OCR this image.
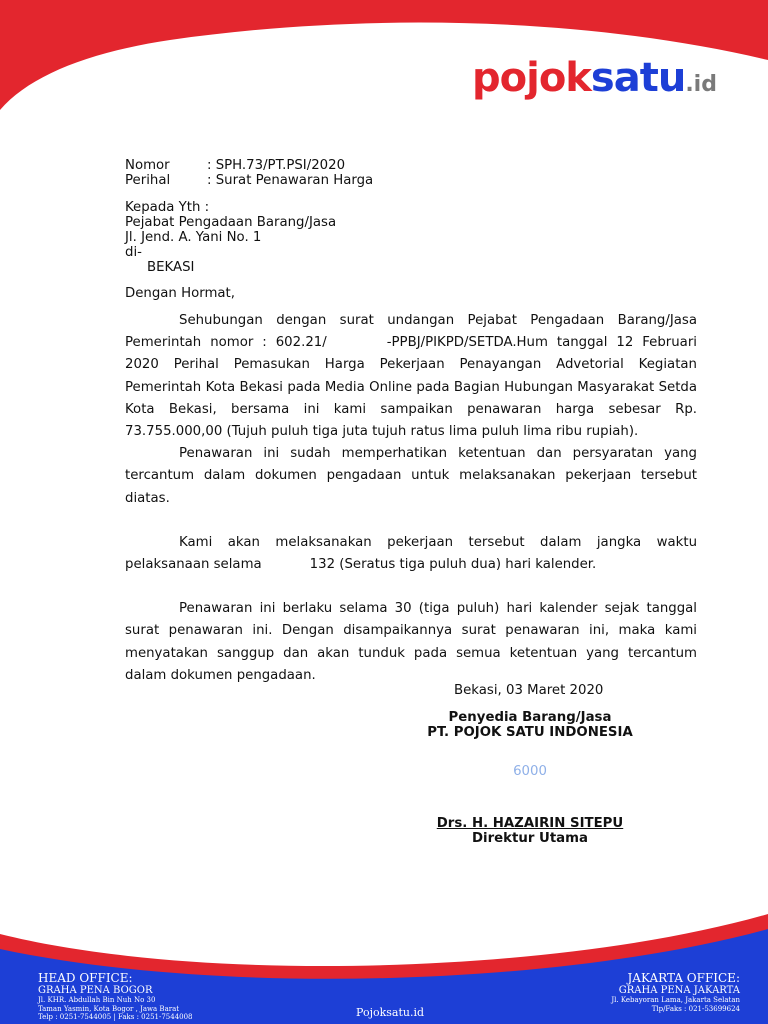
pojoksatu.id
Nomor	: SPH.73/PT.PSI/2020
Perihal	: Surat Penawaran Harga
Kepada Yth :
Pejabat Pengadaan Barang/Jasa
Jl. Jend. A. Yani No. 1
di-
BEKASI
Dengan Hormat,

Sehubungan dengan surat undangan Pejabat Pengadaan Barang/Jasa Pemerintah nomor : 602.21/	-PPBJ/PIKPD/SETDA.Hum tanggal 12 Februari 2020 Perihal Pemasukan Harga Pekerjaan Penayangan Advetorial Kegiatan Pemerintah Kota Bekasi pada Media Online pada Bagian Hubungan Masyarakat Setda Kota Bekasi, bersama ini kami sampaikan penawaran harga sebesar Rp. 73.755.000,00 (Tujuh puluh tiga juta tujuh ratus lima puluh lima ribu rupiah).

Penawaran ini sudah memperhatikan ketentuan dan persyaratan yang tercantum dalam dokumen pengadaan untuk melaksanakan pekerjaan tersebut diatas.

Kami akan melaksanakan pekerjaan tersebut dalam jangka waktu pelaksanaan selama	132 (Seratus tiga puluh dua) hari kalender.

Penawaran ini berlaku selama 30 (tiga puluh) hari kalender sejak tanggal surat penawaran ini. Dengan disampaikannya surat penawaran ini, maka kami menyatakan sanggup dan akan tunduk pada semua ketentuan yang tercantum dalam dokumen pengadaan.

Bekasi, 03 Maret 2020
Penyedia Barang/Jasa
PT. POJOK SATU INDONESIA
6000
Drs. H. HAZAIRIN SITEPU
Direktur Utama
HEAD OFFICE:
GRAHA PENA BOGOR
Jl. KHR. Abdullah Bin Nuh No 30
Taman Yasmin, Kota Bogor , Jawa Barat
Telp : 0251-7544005 | Faks : 0251-7544008	Pojoksatu.id
JAKARTA OFFICE:
GRAHA PENA JAKARTA
Jl. Kebayoran Lama, Jakarta Selatan
Tlp/Faks : 021-53699624
